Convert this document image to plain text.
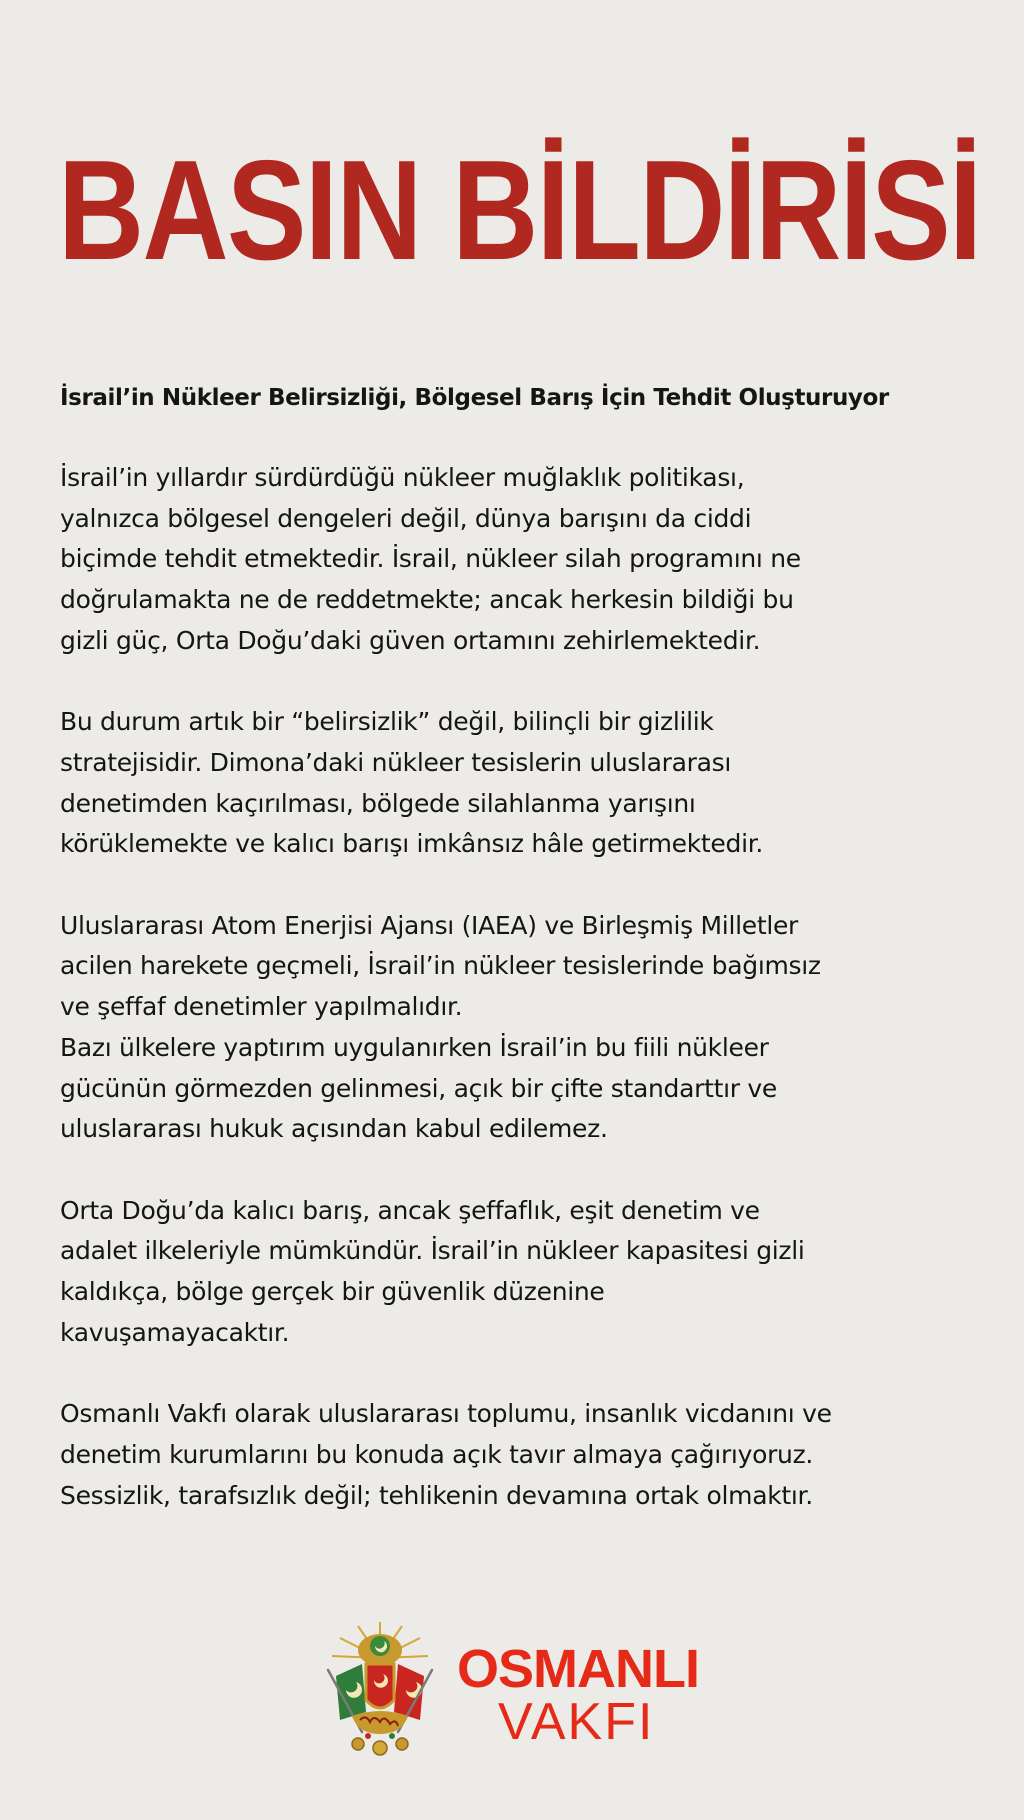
BASIN BİLDİRİSİ
İsrail’in Nükleer Belirsizliği, Bölgesel Barış İçin Tehdit Oluşturuyor

İsrail’in yıllardır sürdürdüğü nükleer muğlaklık politikası,
yalnızca bölgesel dengeleri değil, dünya barışını da ciddi
biçimde tehdit etmektedir. İsrail, nükleer silah programını ne
doğrulamakta ne de reddetmekte; ancak herkesin bildiği bu
gizli güç, Orta Doğu’daki güven ortamını zehirlemektedir.

Bu durum artık bir “belirsizlik” değil, bilinçli bir gizlilik
stratejisidir. Dimona’daki nükleer tesislerin uluslararası
denetimden kaçırılması, bölgede silahlanma yarışını
körüklemekte ve kalıcı barışı imkânsız hâle getirmektedir.

Uluslararası Atom Enerjisi Ajansı (IAEA) ve Birleşmiş Milletler
acilen harekete geçmeli, İsrail’in nükleer tesislerinde bağımsız
ve şeffaf denetimler yapılmalıdır.
Bazı ülkelere yaptırım uygulanırken İsrail’in bu fiili nükleer
gücünün görmezden gelinmesi, açık bir çifte standarttır ve
uluslararası hukuk açısından kabul edilemez.

Orta Doğu’da kalıcı barış, ancak şeffaflık, eşit denetim ve
adalet ilkeleriyle mümkündür. İsrail’in nükleer kapasitesi gizli
kaldıkça, bölge gerçek bir güvenlik düzenine
kavuşamayacaktır.

Osmanlı Vakfı olarak uluslararası toplumu, insanlık vicdanını ve
denetim kurumlarını bu konuda açık tavır almaya çağırıyoruz.
Sessizlik, tarafsızlık değil; tehlikenin devamına ortak olmaktır.

OSMANLI
VAKFI
